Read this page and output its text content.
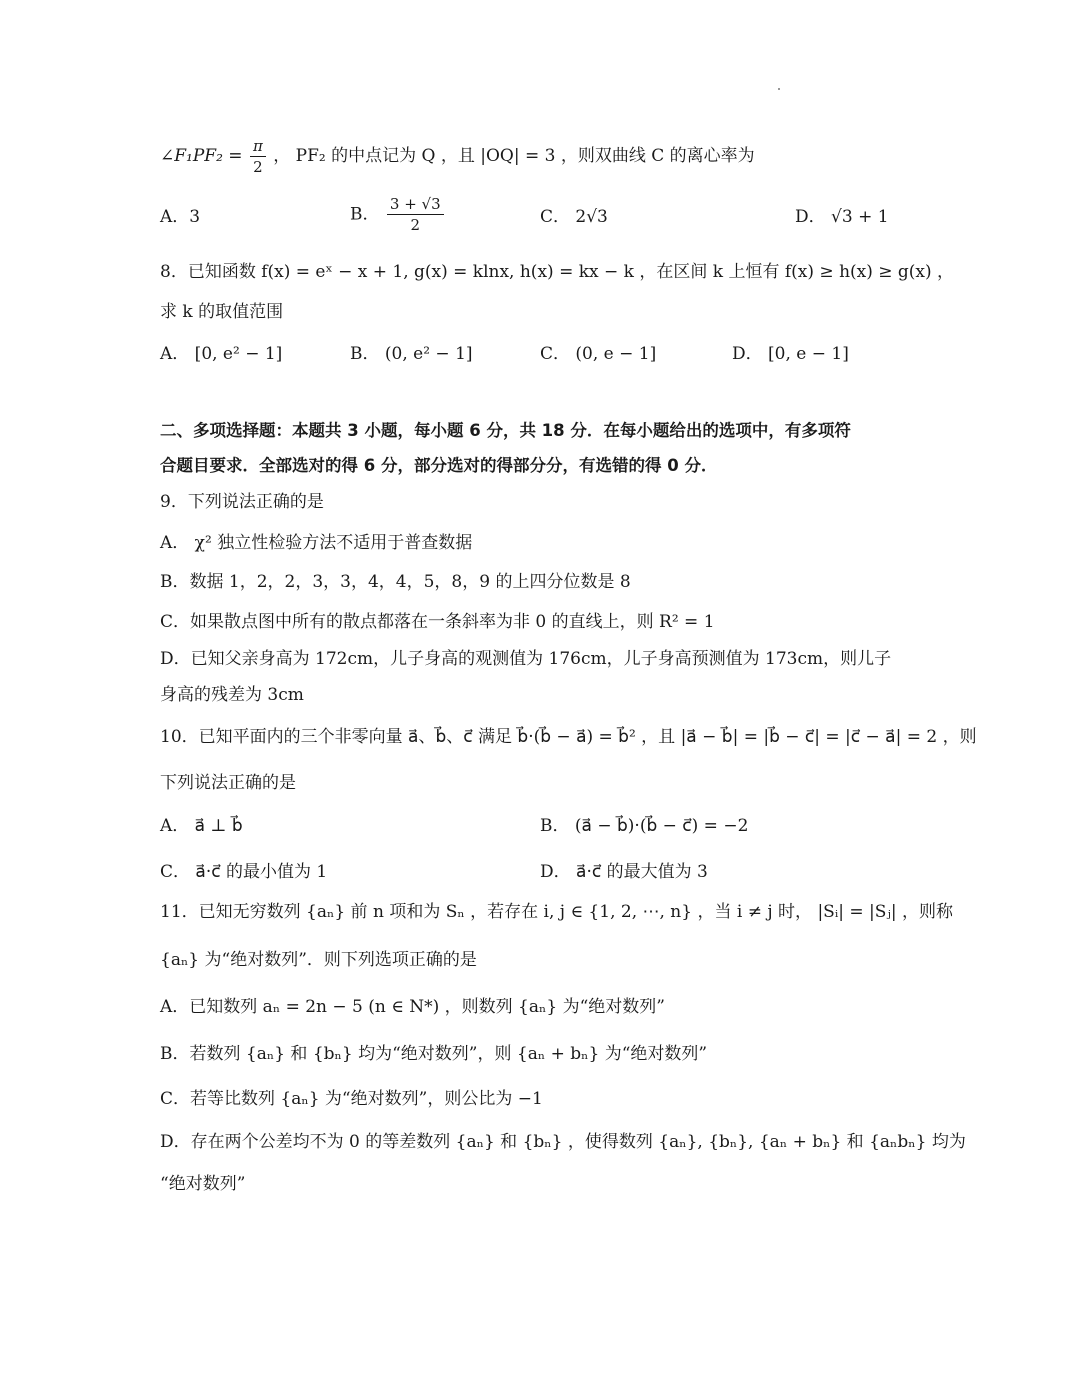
∠F₁PF₂ = $\frac{\pi}{2}$ ， PF₂ 的中点记为 Q ，且 |OQ| = 3 ，则双曲线 C 的离心率为
A．3	B． $\frac{3 + √3}{2}$	C． 2√3	D． √3 + 1
8．已知函数 f(x) = eˣ − x + 1, g(x) = klnx, h(x) = kx − k ，在区间 k 上恒有 f(x) ≥ h(x) ≥ g(x) ，
求 k 的取值范围
A． [0, e² − 1]	B． (0, e² − 1]	C． (0, e − 1]	D． [0, e − 1]
二、多项选择题：本题共 3 小题，每小题 6 分，共 18 分．在每小题给出的选项中，有多项符
合题目要求．全部选对的得 6 分，部分选对的得部分分，有选错的得 0 分．
9．下列说法正确的是
A． χ² 独立性检验方法不适用于普查数据
B．数据 1，2，2，3，3，4，4，5，8，9 的上四分位数是 8
C．如果散点图中所有的散点都落在一条斜率为非 0 的直线上，则 R² = 1
D．已知父亲身高为 172cm，儿子身高的观测值为 176cm，儿子身高预测值为 173cm，则儿子
身高的残差为 3cm
10．已知平面内的三个非零向量 a⃗、b⃗、c⃗ 满足 b⃗·(b⃗ − a⃗) = b⃗² ，且 |a⃗ − b⃗| = |b⃗ − c⃗| = |c⃗ − a⃗| = 2 ，则
下列说法正确的是
A． a⃗ ⊥ b⃗	B． (a⃗ − b⃗)·(b⃗ − c⃗) = −2
C． a⃗·c⃗ 的最小值为 1	D． a⃗·c⃗ 的最大值为 3
11．已知无穷数列 {aₙ} 前 n 项和为 Sₙ ，若存在 i, j ∈ {1, 2, ⋯, n} ，当 i ≠ j 时， |Sᵢ| = |Sⱼ| ，则称
{aₙ} 为“绝对数列”．则下列选项正确的是
A．已知数列 aₙ = 2n − 5 (n ∈ N*) ，则数列 {aₙ} 为“绝对数列”
B．若数列 {aₙ} 和 {bₙ} 均为“绝对数列”，则 {aₙ + bₙ} 为“绝对数列”
C．若等比数列 {aₙ} 为“绝对数列”，则公比为 −1
D．存在两个公差均不为 0 的等差数列 {aₙ} 和 {bₙ} ，使得数列 {aₙ}, {bₙ}, {aₙ + bₙ} 和 {aₙbₙ} 均为
“绝对数列”
